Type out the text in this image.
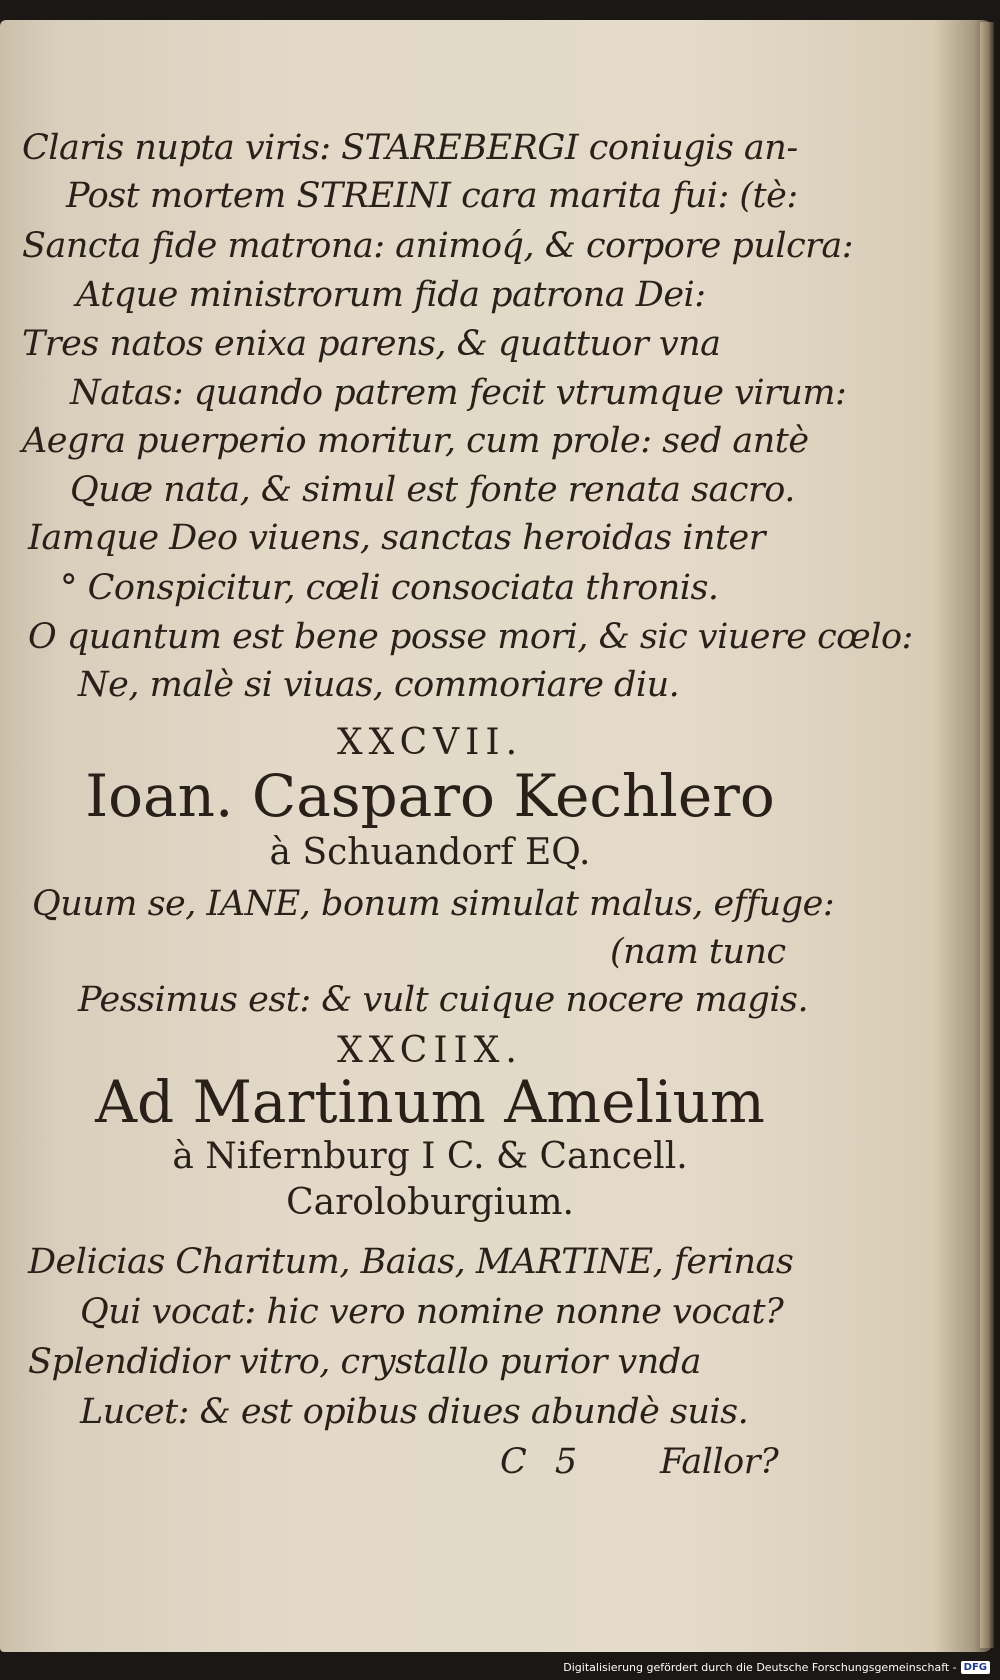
Claris nupta viris: STAREBERGI coniugis an-
Post mortem STREINI cara marita fui: (tè:
Sancta fide matrona: animoq́, & corpore pulcra:
Atque ministrorum fida patrona Dei:
Tres natos enixa parens, & quattuor vna
Natas: quando patrem fecit vtrumque virum:
Aegra puerperio moritur, cum prole: sed antè
Quæ nata, & simul est fonte renata sacro.
Iamque Deo viuens, sanctas heroidas inter
° Conspicitur, cœli consociata thronis.
O quantum est bene posse mori, & sic viuere cœlo:
Ne, malè si viuas, commoriare diu.
XXCVII.
Ioan. Casparo Kechlero
à Schuandorf EQ.
Quum se, IANE, bonum simulat malus, effuge:
(nam tunc
Pessimus est: & vult cuique nocere magis.
XXCIIX.
Ad Martinum Amelium
à Nifernburg I C. & Cancell.
Caroloburgium.
Delicias Charitum, Baias, MARTINE, ferinas
Qui vocat: hic vero nomine nonne vocat?
Splendidior vitro, crystallo purior vnda
Lucet: & est opibus diues abundè suis.
C 5 Fallor?
Digitalisierung gefördert durch die Deutsche Forschungsgemeinschaft - DFG
